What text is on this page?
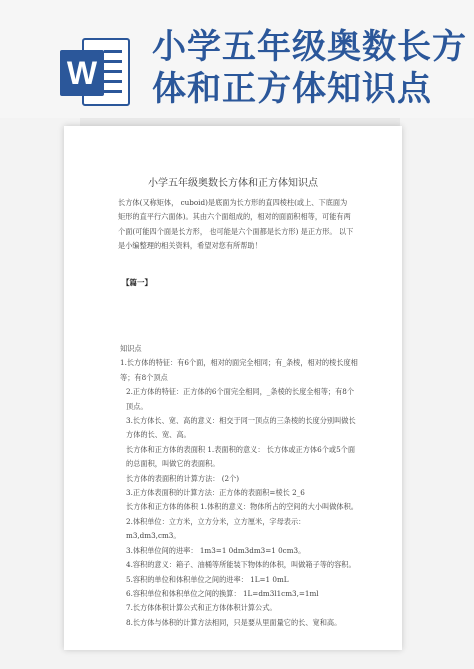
W
小学五年级奥数长方体和正方体知识点

小学五年级奥数长方体和正方体知识点

长方体(又称矩体， cuboid)是底面为长方形的直四棱柱(或上、下底面为矩形的直平行六面体)。其由六个面组成的，相对的面面积相等，可能有两个面(可能四个面是长方形， 也可能是六个面都是长方形) 是正方形。 以下是小编整理的相关资料，希望对您有所帮助！

【篇一】
知识点
1.长方体的特征：有6个面，相对的面完全相同；有_条棱，相对的棱长度相等；有8个顶点
2.正方体的特征：正方体的6个面完全相同，_条棱的长度全相等；有8个顶点。
3.长方体长、宽、高的意义：相交于同一顶点的三条棱的长度分别叫做长方体的长、宽、高。
长方体和正方体的表面积 1.表面积的意义： 长方体或正方体6个或5个面的总面积，叫做它的表面积。
长方体的表面积的计算方法： (2个)
3.正方体表面积的计算方法：正方体的表面积=棱长 2_6
长方体和正方体的体积 1.体积的意义：物体所占的空间的大小叫做体积。
2.体积单位：立方米，立方分米，立方厘米，字母表示： m3,dm3,cm3。
3.体积单位间的进率： 1m3=1 0dm3dm3=1 0cm3。
4.容积的意义：箱子、油桶等所能装下物体的体积，叫做箱子等的容积。
5.容积的单位和体积单位之间的进率： 1L=1 0mL
6.容积单位和体积单位之间的换算： 1L=dm3l1cm3,=1ml
7.长方体体积计算公式和正方体体积计算公式。
8.长方体与体积的计算方法相同，只是要从里面量它的长、宽和高。
